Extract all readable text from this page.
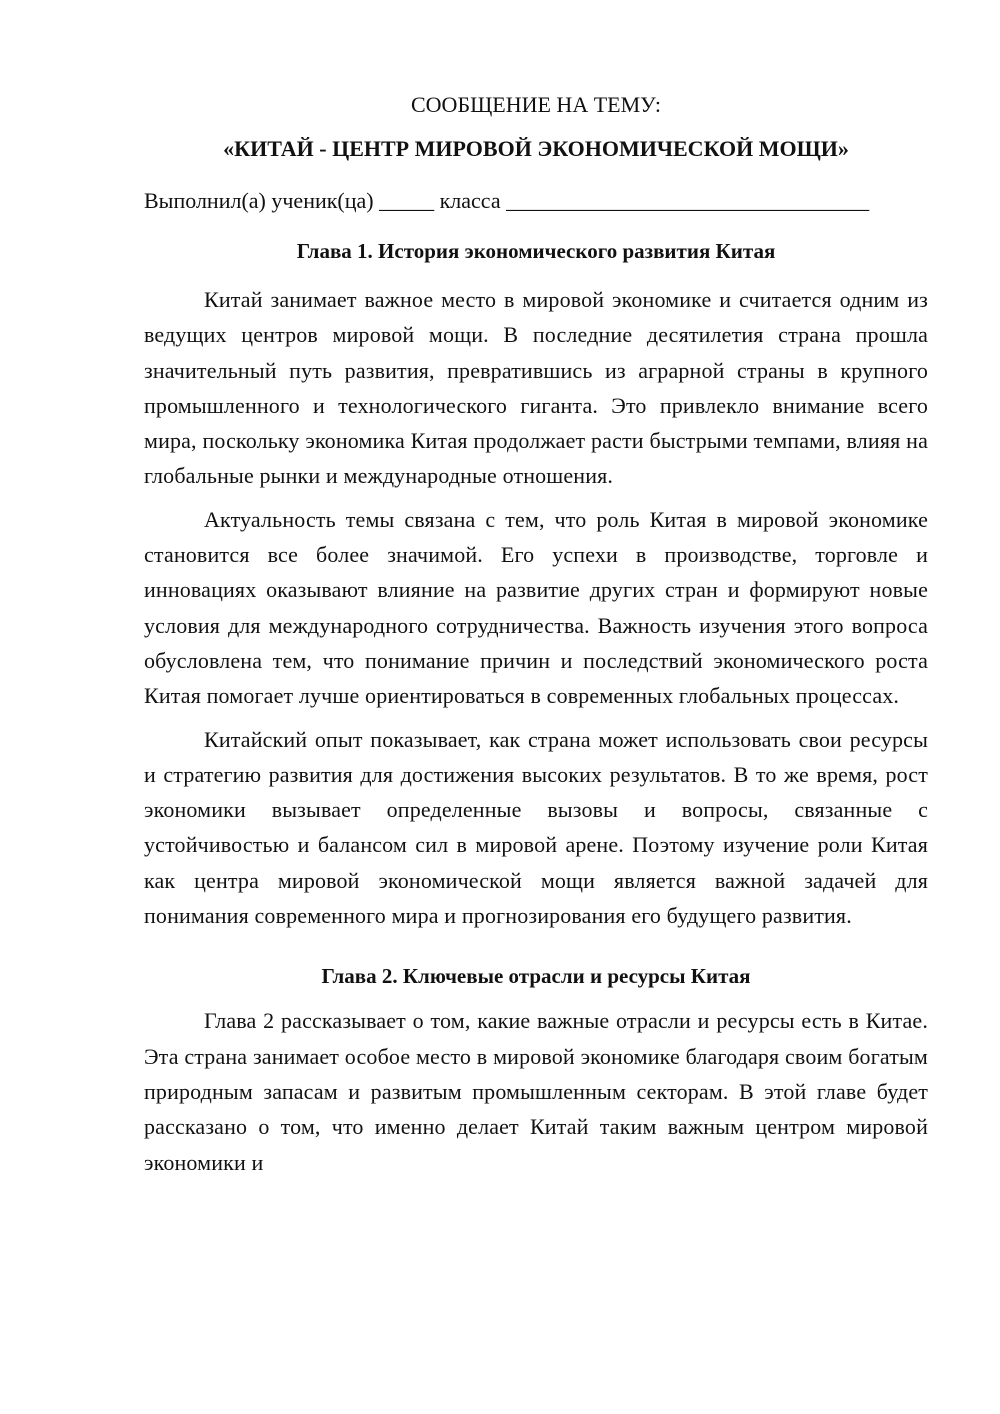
СООБЩЕНИЕ НА ТЕМУ:

«КИТАЙ - ЦЕНТР МИРОВОЙ ЭКОНОМИЧЕСКОЙ МОЩИ»

Выполнил(а) ученик(ца) _____ класса _________________________________

Глава 1. История экономического развития Китая

Китай занимает важное место в мировой экономике и считается одним из ведущих центров мировой мощи. В последние десятилетия страна прошла значительный путь развития, превратившись из аграрной страны в крупного промышленного и технологического гиганта. Это привлекло внимание всего мира, поскольку экономика Китая продолжает расти быстрыми темпами, влияя на глобальные рынки и международные отношения.

Актуальность темы связана с тем, что роль Китая в мировой экономике становится все более значимой. Его успехи в производстве, торговле и инновациях оказывают влияние на развитие других стран и формируют новые условия для международного сотрудничества. Важность изучения этого вопроса обусловлена тем, что понимание причин и последствий экономического роста Китая помогает лучше ориентироваться в современных глобальных процессах.

Китайский опыт показывает, как страна может использовать свои ресурсы и стратегию развития для достижения высоких результатов. В то же время, рост экономики вызывает определенные вызовы и вопросы, связанные с устойчивостью и балансом сил в мировой арене. Поэтому изучение роли Китая как центра мировой экономической мощи является важной задачей для понимания современного мира и прогнозирования его будущего развития.

Глава 2. Ключевые отрасли и ресурсы Китая

Глава 2 рассказывает о том, какие важные отрасли и ресурсы есть в Китае. Эта страна занимает особое место в мировой экономике благодаря своим богатым природным запасам и развитым промышленным секторам. В этой главе будет рассказано о том, что именно делает Китай таким важным центром мировой экономики и
